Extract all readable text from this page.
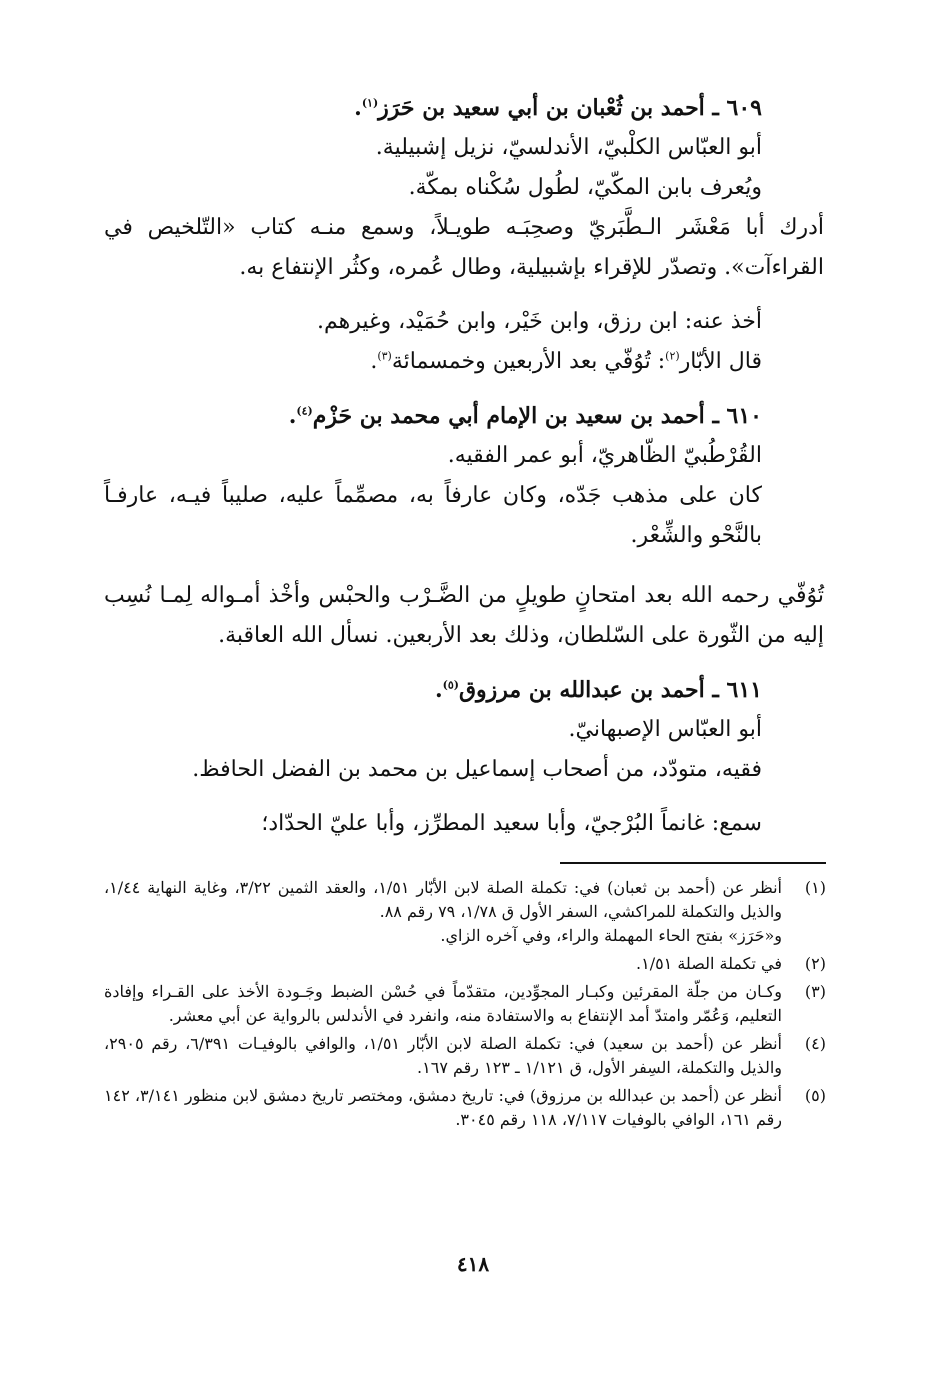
٦٠٩ ـ أحمد بن ثُعْبان بن أبي سعيد بن حَرَز$^{(١)}$.

أبو العبّاس الكلْبيّ، الأندلسيّ، نزيل إشبيلية.

ويُعرف بابن المكّيّ، لطُول سُكْناه بمكّة.

أدرك أبا مَعْشَر الـطَّبَريّ وصحِبَـه طويـلاً، وسمع منـه كتاب «التّلخيص في القراءآت». وتصدّر للإقراء بإشبيلية، وطال عُمره، وكثُر الإنتفاع به.

أخذ عنه: ابن رزق، وابن خَيْر، وابن حُمَيْد، وغيرهم.

قال الأبّار$^{(٢)}$: تُوُفّي بعد الأربعين وخمسمائة$^{(٣)}$.

٦١٠ ـ أحمد بن سعيد بن الإمام أبي محمد بن حَزْم$^{(٤)}$.

القُرْطُبيّ الظّاهريّ، أبو عمر الفقيه.

كان على مذهب جَدّه، وكان عارفاً به، مصمِّماً عليه، صليباً فيـه، عارفـاً بالنَّحْو والشِّعْر.

تُوُفّي رحمه الله بعد امتحانٍ طويلٍ من الضَّـرْب والحبْس وأخْذ أمـواله لِمـا نُسِب إليه من الثّورة على السّلطان، وذلك بعد الأربعين. نسأل الله العاقبة.

٦١١ ـ أحمد بن عبدالله بن مرزوق$^{(٥)}$.

أبو العبّاس الإصبهانيّ.

فقيه، متودّد، من أصحاب إسماعيل بن محمد بن الفضل الحافظ.

سمع: غانماً البُرْجيّ، وأبا سعيد المطرِّز، وأبا عليّ الحدّاد؛

(١)
أنظر عن (أحمد بن ثعبان) في: تكملة الصلة لابن الأبّار ١/٥١، والعقد الثمين ٣/٢٢، وغاية النهاية ١/٤٤، والذيل والتكملة للمراكشي، السفر الأول ق ١/٧٨، ٧٩ رقم ٨٨.
و«حَرَز» بفتح الحاء المهملة والراء، وفي آخره الزاي.
(٢)
في تكملة الصلة ١/٥١.
(٣)
وكـان من جلّة المقرئين وكبـار المجوِّدين، متقدّماً في حُسْن الضبط وجَـودة الأخذ على القـراء وإفادة التعليم، وَعُمّر وامتدّ أمد الإنتفاع به والاستفادة منه، وانفرد في الأندلس بالرواية عن أبي معشر.
(٤)
أنظر عن (أحمد بن سعيد) في: تكملة الصلة لابن الأبّار ١/٥١، والوافي بالوفيـات ٦/٣٩١، رقم ٢٩٠٥، والذيل والتكملة، السِفر الأول، ق ١/١٢١ ـ ١٢٣ رقم ١٦٧.
(٥)
أنظر عن (أحمد بن عبدالله بن مرزوق) في: تاريخ دمشق، ومختصر تاريخ دمشق لابن منظور ٣/١٤١، ١٤٢ رقم ١٦١، الوافي بالوفيات ٧/١١٧، ١١٨ رقم ٣٠٤٥.
٤١٨
